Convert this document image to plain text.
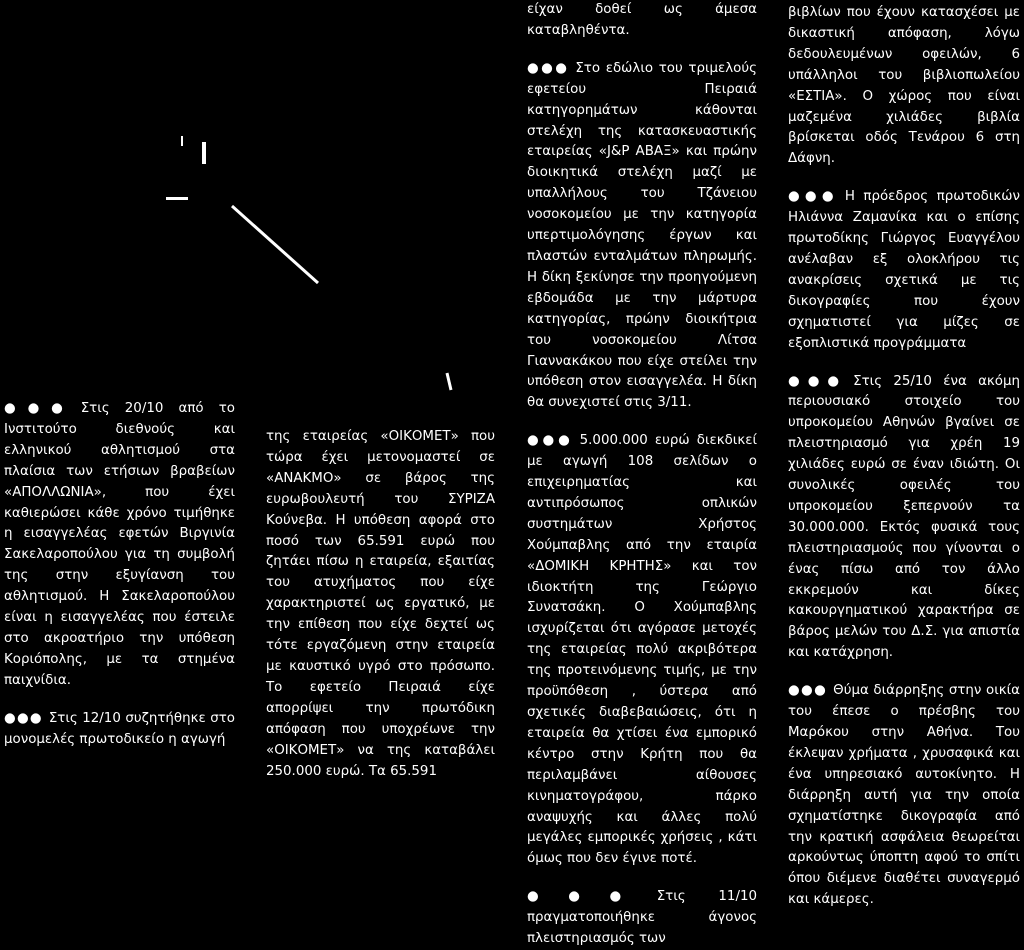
●●● Στις 20/10 από το Ινστιτούτο διεθνούς και ελληνικού αθλητισμού στα πλαίσια των ετήσιων βραβείων «ΑΠΟΛΛΩΝΙΑ», που έχει καθιερώσει κάθε χρόνο τιμήθηκε η εισαγγελέας εφετών Βιργινία Σακελαροπούλου για τη συμβολή της στην εξυγίανση του αθλητισμού. Η Σακελαροπούλου είναι η εισαγγελέας που έστειλε στο ακροατήριο την υπόθεση Κοριόπολης, με τα στημένα παιχνίδια.

●●● Στις 12/10 συζητήθηκε στο μονομελές πρωτοδικείο η αγωγή

της εταιρείας «ΟΙΚΟΜΕΤ» που τώρα έχει μετονομαστεί σε «ΑΝΑΚΜΟ» σε βάρος της ευρωβουλευτή του ΣΥΡΙΖΑ Κούνεβα. Η υπόθεση αφορά στο ποσό των 65.591 ευρώ που ζητάει πίσω η εταιρεία, εξαιτίας του ατυχήματος που είχε χαρακτηριστεί ως εργατικό, με την επίθεση που είχε δεχτεί ως τότε εργαζόμενη στην εταιρεία με καυστικό υγρό στο πρόσωπο. Το εφετείο Πειραιά είχε απορρίψει την πρωτόδικη απόφαση που υποχρέωνε την «ΟΙΚΟΜΕΤ» να της καταβάλει 250.000 ευρώ. Τα 65.591

είχαν δοθεί ως άμεσα καταβληθέντα.

●●● Στο εδώλιο του τριμελούς εφετείου Πειραιά κατηγορημάτων κάθονται στελέχη της κατασκευαστικής εταιρείας «J&P ΑΒΑΞ» και πρώην διοικητικά στελέχη μαζί με υπαλλήλους του Τζάνειου νοσοκομείου με την κατηγορία υπερτιμολόγησης έργων και πλαστών ενταλμάτων πληρωμής. Η δίκη ξεκίνησε την προηγούμενη εβδομάδα με την μάρτυρα κατηγορίας, πρώην διοικήτρια του νοσοκομείου Λίτσα Γιαννακάκου που είχε στείλει την υπόθεση στον εισαγγελέα. Η δίκη θα συνεχιστεί στις 3/11.

●●● 5.000.000 ευρώ διεκδικεί με αγωγή 108 σελίδων ο επιχειρηματίας και αντιπρόσωπος οπλικών συστημάτων Χρήστος Χούμπαβλης από την εταιρία «ΔΟΜΙΚΗ ΚΡΗΤΗΣ» και τον ιδιοκτήτη της Γεώργιο Συνατσάκη. Ο Χούμπαβλης ισχυρίζεται ότι αγόρασε μετοχές της εταιρείας πολύ ακριβότερα της προτεινόμενης τιμής, με την προϋπόθεση , ύστερα από σχετικές διαβεβαιώσεις, ότι η εταιρεία θα χτίσει ένα εμπορικό κέντρο στην Κρήτη που θα περιλαμβάνει αίθουσες κινηματογράφου, πάρκο αναψυχής και άλλες πολύ μεγάλες εμπορικές χρήσεις , κάτι όμως που δεν έγινε ποτέ.

●●● Στις 11/10 πραγματοποιήθηκε άγονος πλειστηριασμός των

βιβλίων που έχουν κατασχέσει με δικαστική απόφαση, λόγω δεδουλευμένων οφειλών, 6 υπάλληλοι του βιβλιοπωλείου «ΕΣΤΙΑ». Ο χώρος που είναι μαζεμένα χιλιάδες βιβλία βρίσκεται οδός Τενάρου 6 στη Δάφνη.

●●● Η πρόεδρος πρωτοδικών Ηλιάννα Ζαμανίκα και ο επίσης πρωτοδίκης Γιώργος Ευαγγέλου ανέλαβαν εξ ολοκλήρου τις ανακρίσεις σχετικά με τις δικογραφίες που έχουν σχηματιστεί για μίζες σε εξοπλιστικά προγράμματα

●●● Στις 25/10 ένα ακόμη περιουσιακό στοιχείο του υπροκομείου Αθηνών βγαίνει σε πλειστηριασμό για χρέη 19 χιλιάδες ευρώ σε έναν ιδιώτη. Οι συνολικές οφειλές του υπροκομείου ξεπερνούν τα 30.000.000. Εκτός φυσικά τους πλειστηριασμούς που γίνονται ο ένας πίσω από τον άλλο εκκρεμούν και δίκες κακουργηματικού χαρακτήρα σε βάρος μελών του Δ.Σ. για απιστία και κατάχρηση.

●●● Θύμα διάρρηξης στην οικία του έπεσε ο πρέσβης του Μαρόκου στην Αθήνα. Του έκλεψαν χρήματα , χρυσαφικά και ένα υπηρεσιακό αυτοκίνητο. Η διάρρηξη αυτή για την οποία σχηματίστηκε δικογραφία από την κρατική ασφάλεια θεωρείται αρκούντως ύποπτη αφού το σπίτι όπου διέμενε διαθέτει συναγερμό και κάμερες.
